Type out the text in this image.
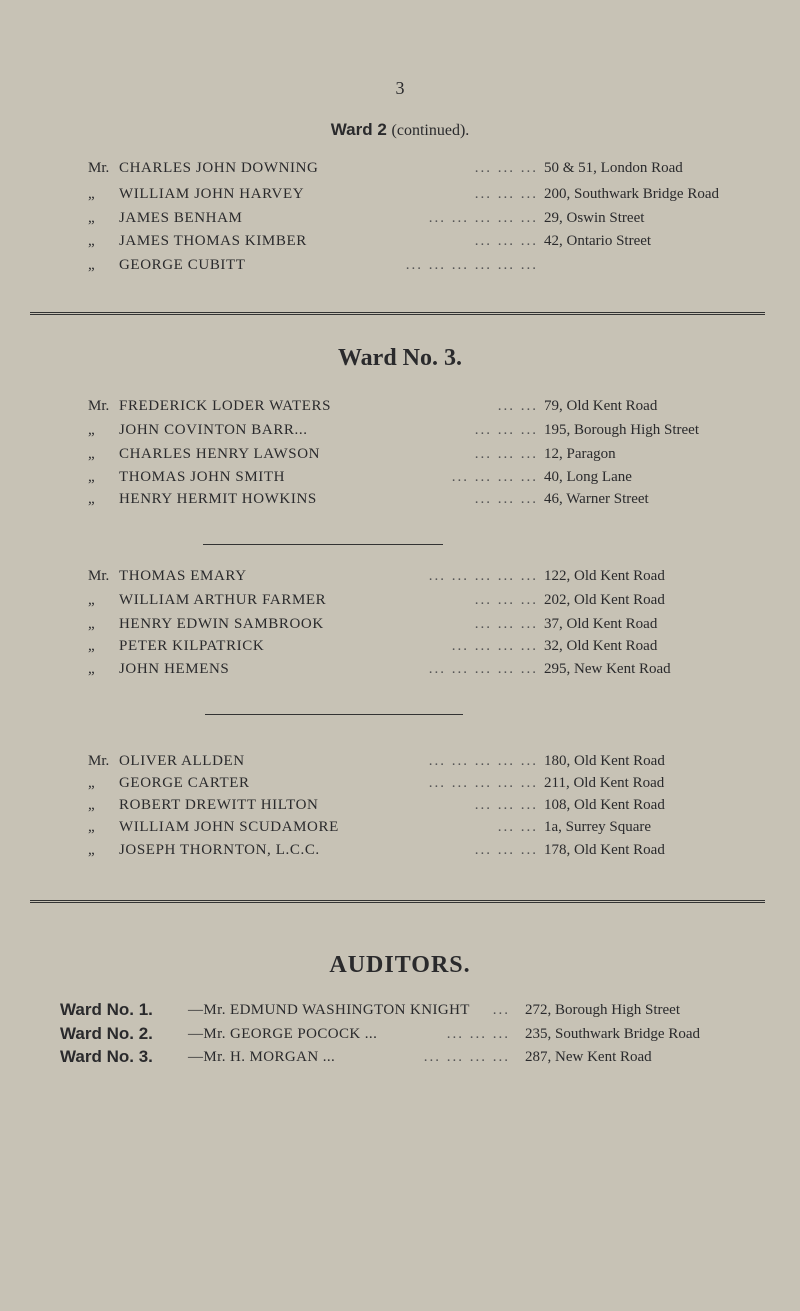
3
Ward 2 (continued).
Mr. CHARLES JOHN DOWNING	... ... ... 50 & 51, London Road
„ WILLIAM JOHN HARVEY	... ... ... 200, Southwark Bridge Road
„ JAMES BENHAM	... ... ... ... ... 29, Oswin Street
„ JAMES THOMAS KIMBER	... ... ... 42, Ontario Street
„ GEORGE CUBITT	... ... ... ... ... ...
Ward No. 3.
Mr. FREDERICK LODER WATERS	... ... 79, Old Kent Road
„ JOHN COVINTON BARR...	... ... ... 195, Borough High Street
„ CHARLES HENRY LAWSON	... ... ... 12, Paragon
„ THOMAS JOHN SMITH	... ... ... ... 40, Long Lane
„ HENRY HERMIT HOWKINS	... ... ... 46, Warner Street
Mr. THOMAS EMARY	... ... ... ... ... 122, Old Kent Road
„ WILLIAM ARTHUR FARMER	... ... ... 202, Old Kent Road
„ HENRY EDWIN SAMBROOK	... ... ... 37, Old Kent Road
„ PETER KILPATRICK	... ... ... ... 32, Old Kent Road
„ JOHN HEMENS	... ... ... ... ... 295, New Kent Road
Mr. OLIVER ALLDEN	... ... ... ... ... 180, Old Kent Road
„ GEORGE CARTER	... ... ... ... ... 211, Old Kent Road
„ ROBERT DREWITT HILTON	... ... ... 108, Old Kent Road
„ WILLIAM JOHN SCUDAMORE	... ... 1a, Surrey Square
„ JOSEPH THORNTON, L.C.C.	... ... ... 178, Old Kent Road
AUDITORS.
Ward No. 1. —Mr. EDMUND WASHINGTON KNIGHT	... 272, Borough High Street
Ward No. 2. —Mr. GEORGE POCOCK ...	... ... ... 235, Southwark Bridge Road
Ward No. 3. —Mr. H. MORGAN ...	... ... ... ... 287, New Kent Road
